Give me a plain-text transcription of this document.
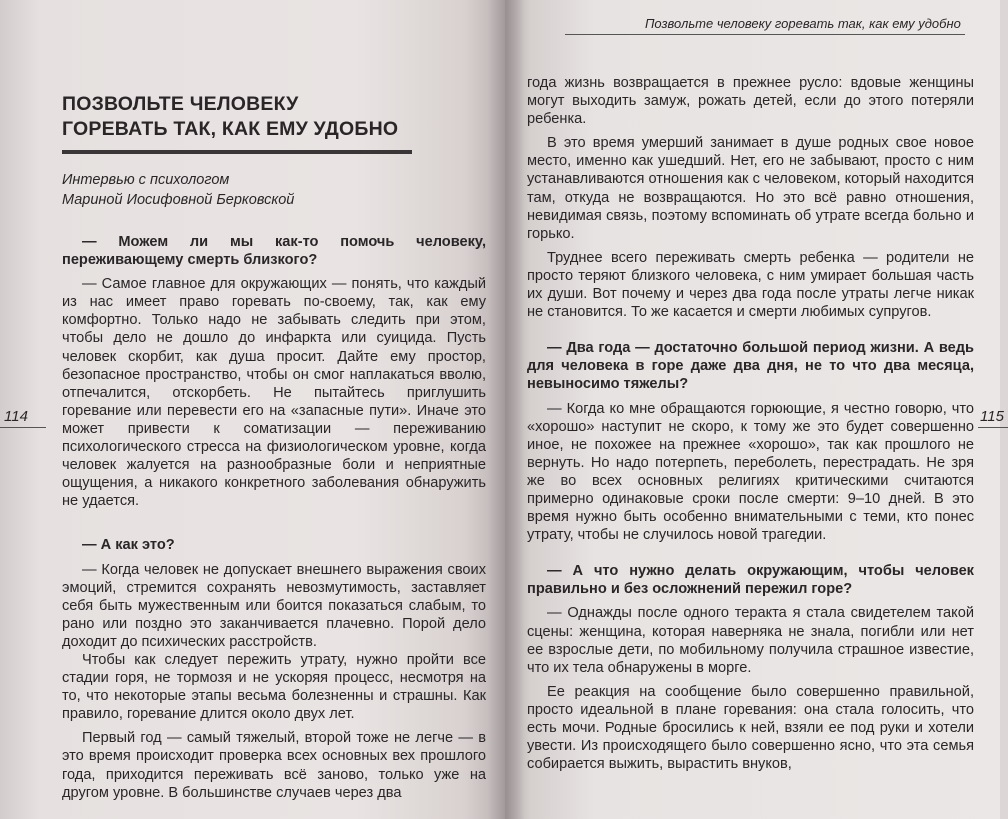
ПОЗВОЛЬТЕ ЧЕЛОВЕКУ
ГОРЕВАТЬ ТАК, КАК ЕМУ УДОБНО
Интервью с психологом
Мариной Иосифовной Берковской

— Можем ли мы как-то помочь человеку, переживающему смерть близкого?

— Самое главное для окружающих — понять, что каждый из нас имеет право горевать по-своему, так, как ему комфортно. Только надо не забывать следить при этом, чтобы дело не дошло до инфаркта или суицида. Пусть человек скорбит, как душа просит. Дайте ему простор, безопасное пространство, чтобы он смог наплакаться вволю, отпечалится, отскорбеть. Не пытайтесь приглушить горевание или перевести его на «запасные пути». Иначе это может привести к соматизации — переживанию психологического стресса на физиологическом уровне, когда человек жалуется на разнообразные боли и неприятные ощущения, а никакого конкретного заболевания обнаружить не удается.

— А как это?

— Когда человек не допускает внешнего выражения своих эмоций, стремится сохранять невозмутимость, заставляет себя быть мужественным или боится показаться слабым, то рано или поздно это заканчивается плачевно. Порой дело доходит до психических расстройств.

Чтобы как следует пережить утрату, нужно пройти все стадии горя, не тормозя и не ускоряя процесс, несмотря на то, что некоторые этапы весьма болезненны и страшны. Как правило, горевание длится около двух лет.

Первый год — самый тяжелый, второй тоже не легче — в это время происходит проверка всех основных вех прошлого года, приходится переживать всё заново, только уже на другом уровне. В большинстве случаев через два

114
Позвольте человеку горевать так, как ему удобно

года жизнь возвращается в прежнее русло: вдовые женщины могут выходить замуж, рожать детей, если до этого потеряли ребенка.

В это время умерший занимает в душе родных свое новое место, именно как ушедший. Нет, его не забывают, просто с ним устанавливаются отношения как с человеком, который находится там, откуда не возвращаются. Но это всё равно отношения, невидимая связь, поэтому вспоминать об утрате всегда больно и горько.

Труднее всего переживать смерть ребенка — родители не просто теряют близкого человека, с ним умирает большая часть их души. Вот почему и через два года после утраты легче никак не становится. То же касается и смерти любимых супругов.

— Два года — достаточно большой период жизни. А ведь для человека в горе даже два дня, не то что два месяца, невыносимо тяжелы?

— Когда ко мне обращаются горюющие, я честно говорю, что «хорошо» наступит не скоро, к тому же это будет совершенно иное, не похожее на прежнее «хорошо», так как прошлого не вернуть. Но надо потерпеть, переболеть, перестрадать. Не зря же во всех основных религиях критическими считаются примерно одинаковые сроки после смерти: 9–10 дней. В это время нужно быть особенно внимательными с теми, кто понес утрату, чтобы не случилось новой трагедии.

— А что нужно делать окружающим, чтобы человек правильно и без осложнений пережил горе?

— Однажды после одного теракта я стала свидетелем такой сцены: женщина, которая наверняка не знала, погибли или нет ее взрослые дети, по мобильному получила страшное известие, что их тела обнаружены в морге.

Ее реакция на сообщение было совершенно правильной, просто идеальной в плане горевания: она стала голосить, что есть мочи. Родные бросились к ней, взяли ее под руки и хотели увести. Из происходящего было совершенно ясно, что эта семья собирается выжить, вырастить внуков,

115
